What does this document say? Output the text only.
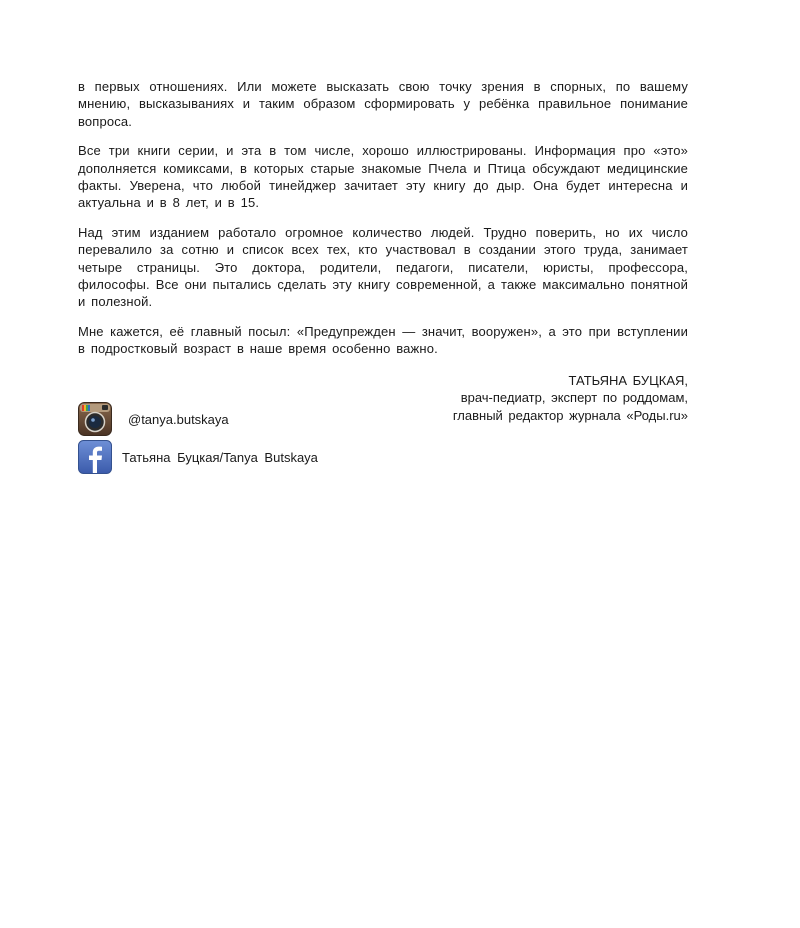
в первых отношениях. Или можете высказать свою точку зрения в спорных, по вашему мнению, высказываниях и таким образом сформировать у ребёнка правильное понимание вопроса.

Все три книги серии, и эта в том числе, хорошо иллюстрированы. Информация про «это» дополняется комиксами, в которых старые знакомые Пчела и Птица обсуждают медицинские факты. Уверена, что любой тинейджер зачитает эту книгу до дыр. Она будет интересна и актуальна и в 8 лет, и в 15.

Над этим изданием работало огромное количество людей. Трудно поверить, но их число перевалило за сотню и список всех тех, кто участвовал в создании этого труда, занимает четыре страницы. Это доктора, родители, педагоги, писатели, юристы, профессора, философы. Все они пытались сделать эту книгу современной, а также максимально понятной и полезной.

Мне кажется, её главный посыл: «Предупрежден — значит, вооружен», а это при вступлении в подростковый возраст в наше время особенно важно.

ТАТЬЯНА БУЦКАЯ,
врач-педиатр, эксперт по роддомам,
главный редактор журнала «Роды.ru»
@tanya.butskaya
Татьяна Буцкая/Tanya Butskaya
